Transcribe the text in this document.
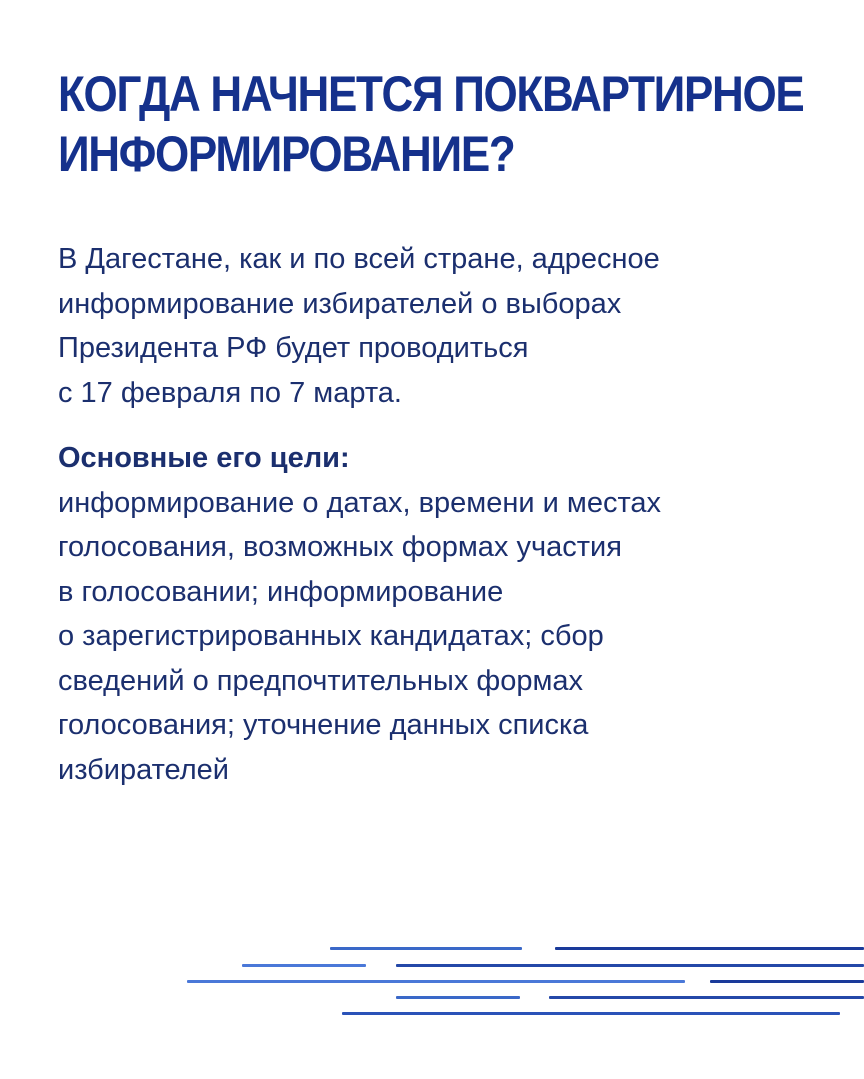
КОГДА НАЧНЕТСЯ ПОКВАРТИРНОЕ
ИНФОРМИРОВАНИЕ?

В Дагестане, как и по всей стране, адресное
информирование избирателей о выборах
Президента РФ будет проводиться
с 17 февраля по 7 марта.

Основные его цели:
информирование о датах, времени и местах
голосования, возможных формах участия
в голосовании; информирование
о зарегистрированных кандидатах; сбор
сведений о предпочтительных формах
голосования; уточнение данных списка
избирателей
